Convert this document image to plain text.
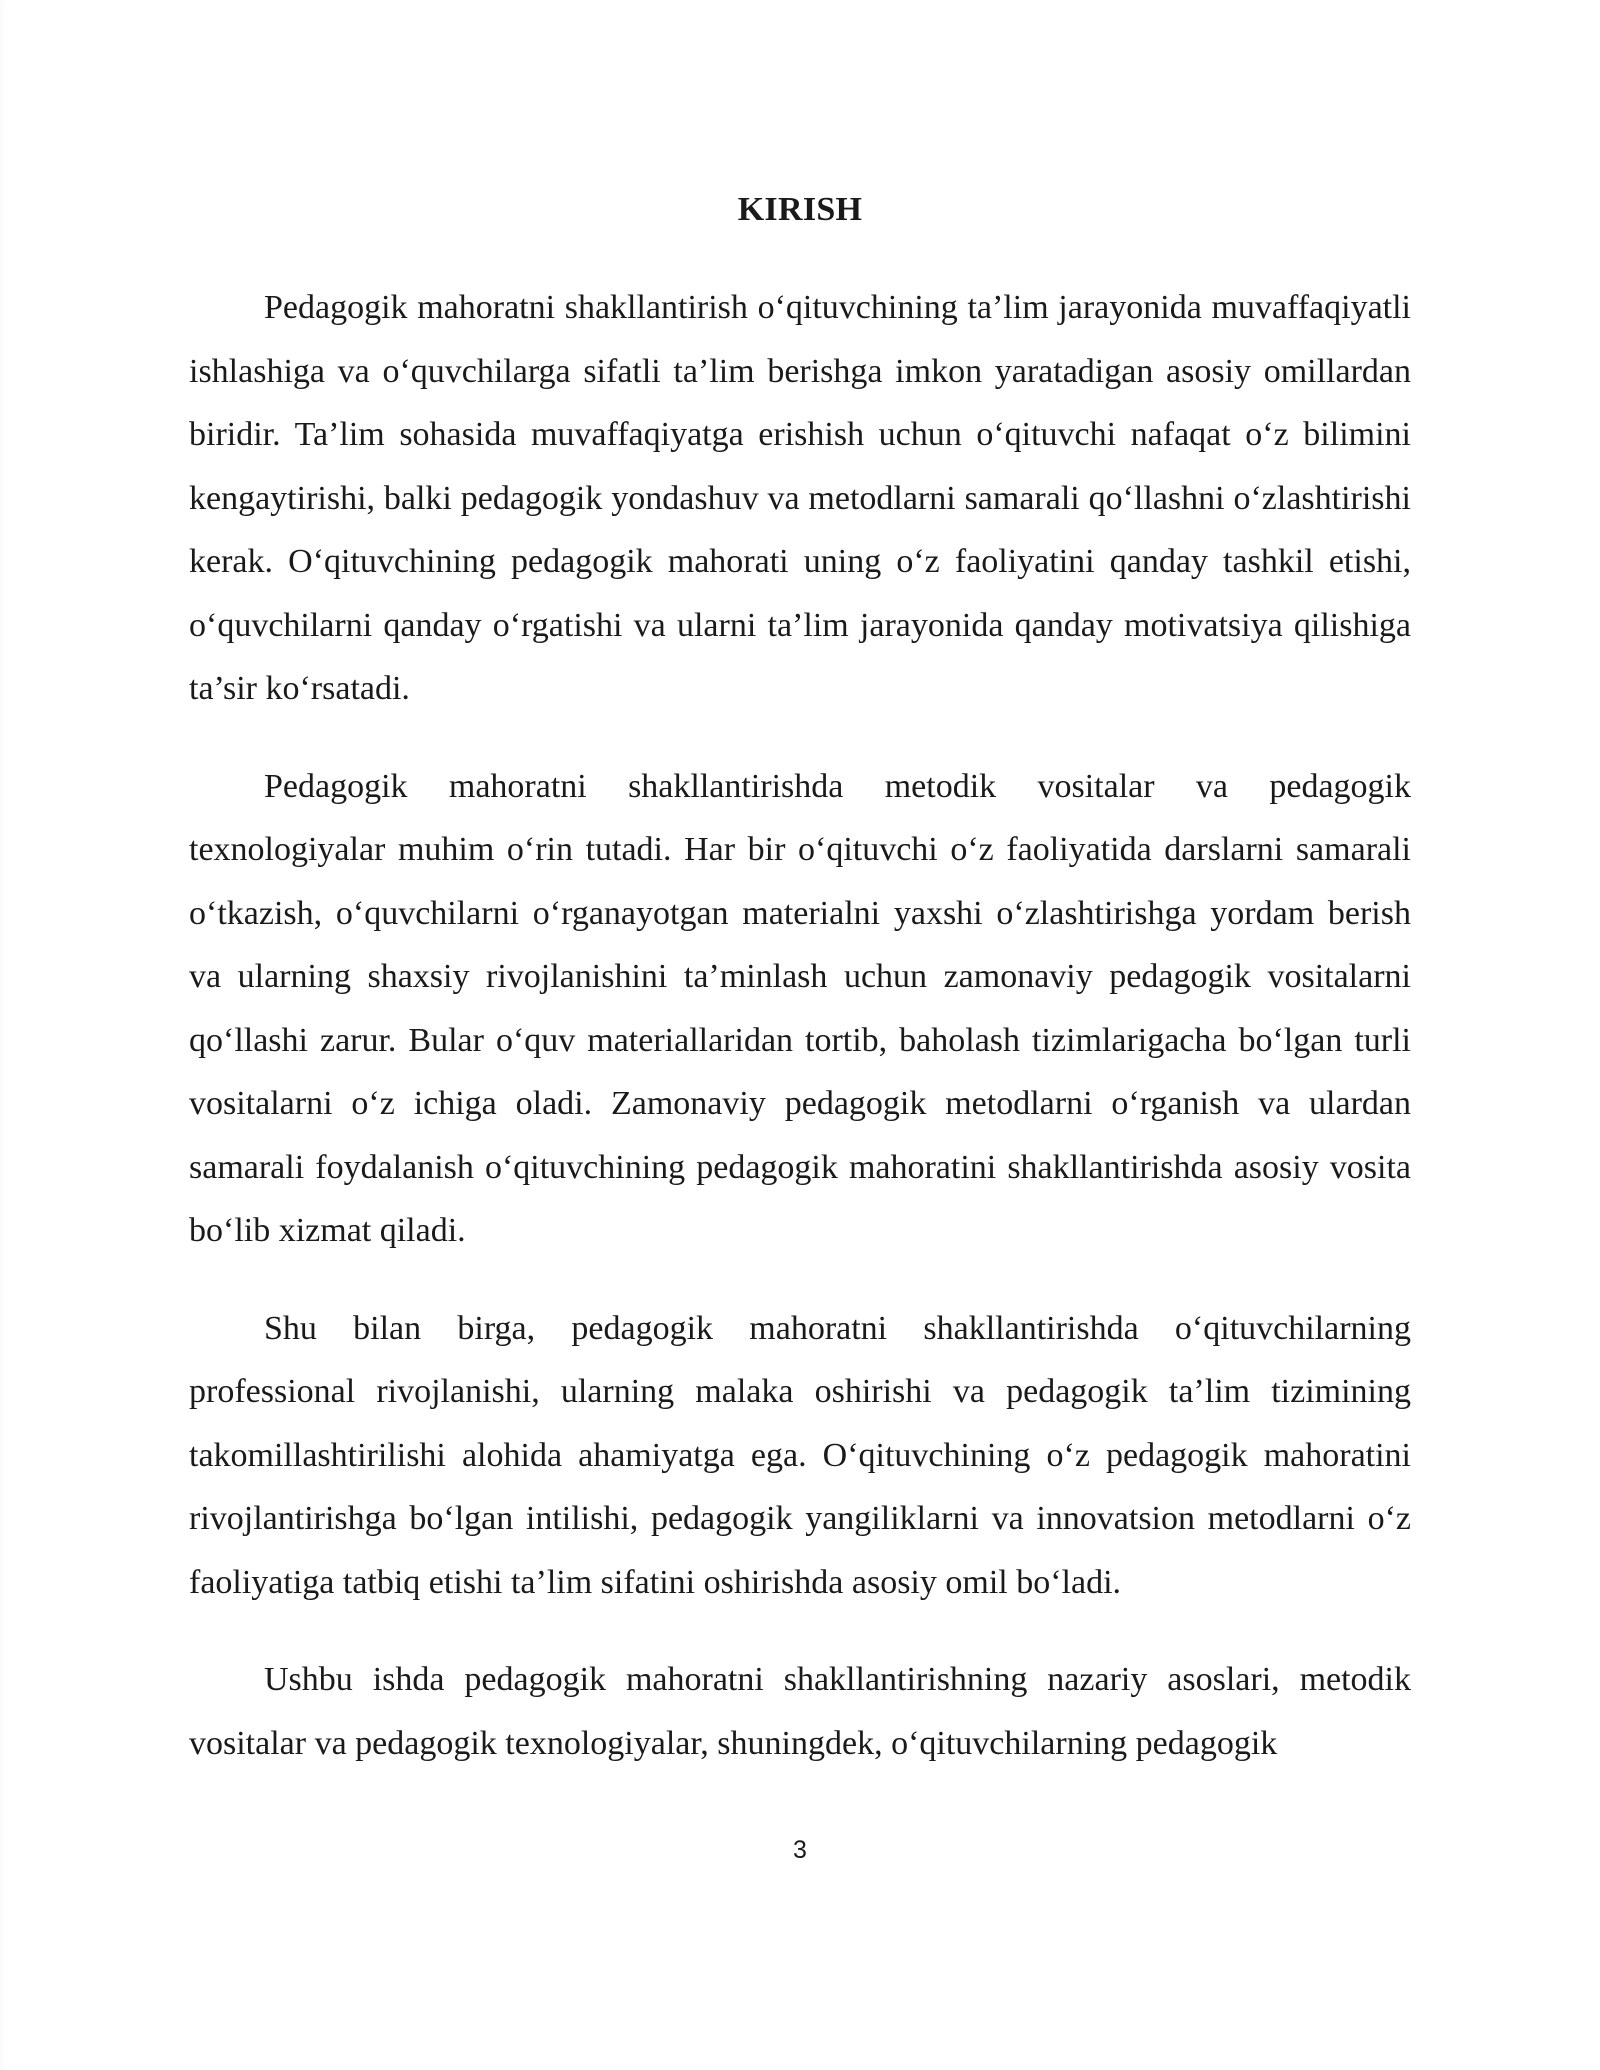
KIRISH

Pedagogik mahoratni shakllantirish o‘qituvchining ta’lim jarayonida muvaffaqiyatli ishlashiga va o‘quvchilarga sifatli ta’lim berishga imkon yaratadigan asosiy omillardan biridir. Ta’lim sohasida muvaffaqiyatga erishish uchun o‘qituvchi nafaqat o‘z bilimini kengaytirishi, balki pedagogik yondashuv va metodlarni samarali qo‘llashni o‘zlashtirishi kerak. O‘qituvchining pedagogik mahorati uning o‘z faoliyatini qanday tashkil etishi, o‘quvchilarni qanday o‘rgatishi va ularni ta’lim jarayonida qanday motivatsiya qilishiga ta’sir ko‘rsatadi.

Pedagogik mahoratni shakllantirishda metodik vositalar va pedagogik texnologiyalar muhim o‘rin tutadi. Har bir o‘qituvchi o‘z faoliyatida darslarni samarali o‘tkazish, o‘quvchilarni o‘rganayotgan materialni yaxshi o‘zlashtirishga yordam berish va ularning shaxsiy rivojlanishini ta’minlash uchun zamonaviy pedagogik vositalarni qo‘llashi zarur. Bular o‘quv materiallaridan tortib, baholash tizimlarigacha bo‘lgan turli vositalarni o‘z ichiga oladi. Zamonaviy pedagogik metodlarni o‘rganish va ulardan samarali foydalanish o‘qituvchining pedagogik mahoratini shakllantirishda asosiy vosita bo‘lib xizmat qiladi.

Shu bilan birga, pedagogik mahoratni shakllantirishda o‘qituvchilarning professional rivojlanishi, ularning malaka oshirishi va pedagogik ta’lim tizimining takomillashtirilishi alohida ahamiyatga ega. O‘qituvchining o‘z pedagogik mahoratini rivojlantirishga bo‘lgan intilishi, pedagogik yangiliklarni va innovatsion metodlarni o‘z faoliyatiga tatbiq etishi ta’lim sifatini oshirishda asosiy omil bo‘ladi.

Ushbu ishda pedagogik mahoratni shakllantirishning nazariy asoslari, metodik vositalar va pedagogik texnologiyalar, shuningdek, o‘qituvchilarning pedagogik

3
